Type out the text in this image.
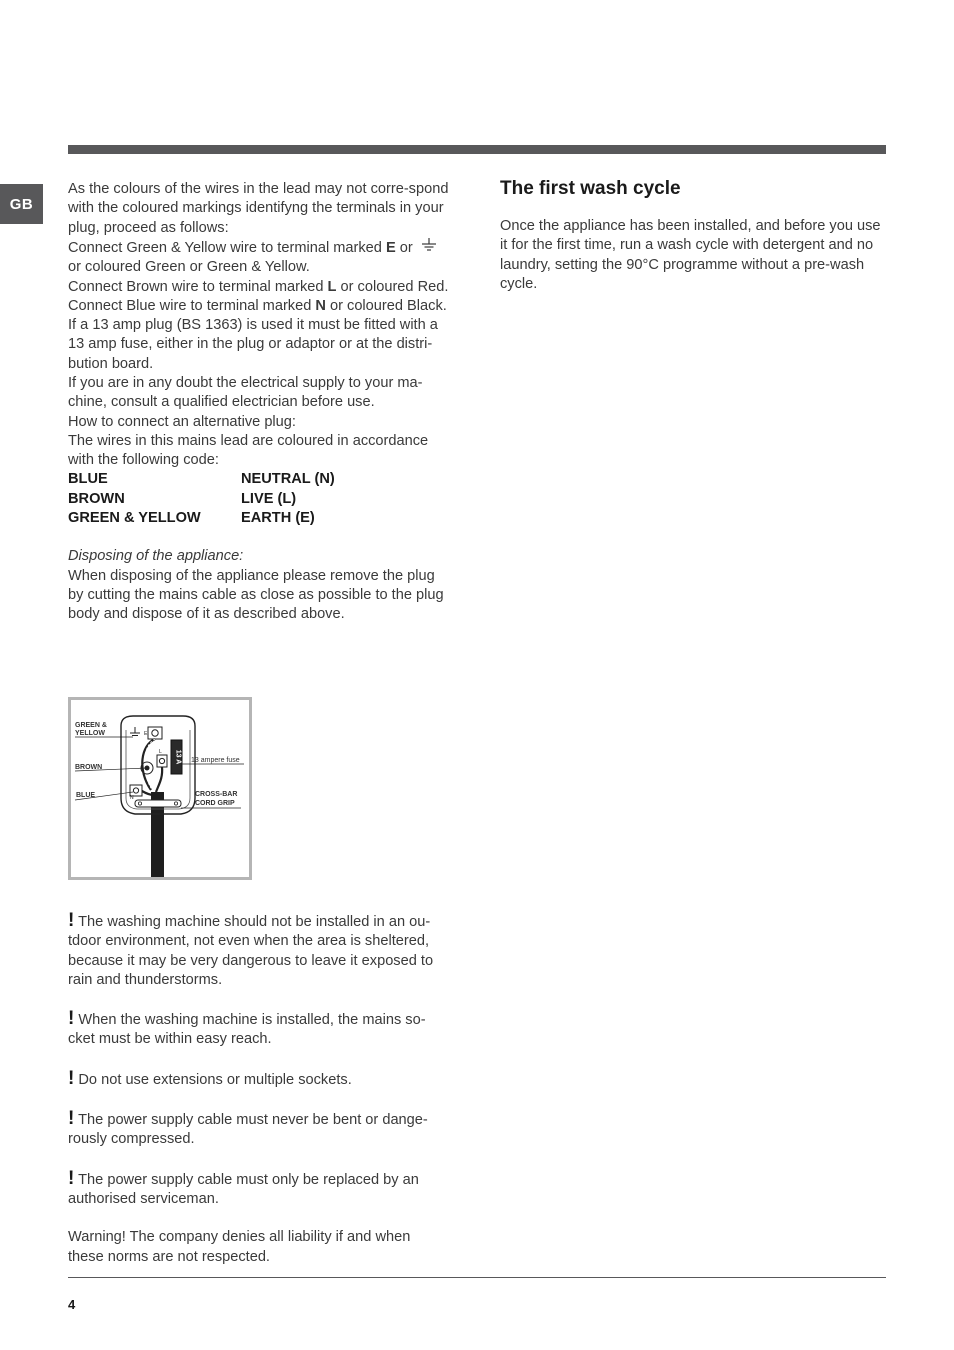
GB

As the colours of the wires in the lead may not corre-spond with the coloured markings identifyng the terminals in your plug, proceed as follows:

Connect Green & Yellow wire to terminal marked E or
or coloured Green or Green & Yellow.

Connect Brown wire to terminal marked L or coloured Red.

Connect Blue wire to terminal marked N or coloured Black.

If a 13 amp plug (BS 1363) is used it must be fitted with a 13 amp fuse, either in the plug or adaptor or at the distri-bution board.

If you are in any doubt the electrical supply to your ma-chine, consult a qualified electrician before use.

How to connect an alternative plug:

The wires in this mains lead are coloured in accordance with the following code:

BLUE	NEUTRAL (N)
BROWN	LIVE (L)
GREEN & YELLOW	EARTH (E)

Disposing of the appliance:

When disposing of the appliance please remove the plug by cutting the mains cable as close as possible to the plug body and dispose of it as described above.

13 A
E
L
N
GREEN &
YELLOW
BROWN
BLUE
13 ampere fuse
CROSS-BAR
CORD GRIP

! The washing machine should not be installed in an ou-tdoor environment, not even when the area is sheltered, because it may be very dangerous to leave it exposed to rain and thunderstorms.

! When the washing machine is installed, the mains so-cket must be within easy reach.

! Do not use extensions or multiple sockets.

! The power supply cable must never be bent or dange-rously compressed.

! The power supply cable must only be replaced by an authorised serviceman.

Warning! The company denies all liability if and when these norms are not respected.

The first wash cycle

Once the appliance has been installed, and before you use it for the first time, run a wash cycle with detergent and no laundry, setting the 90°C programme without a pre-wash cycle.

4
